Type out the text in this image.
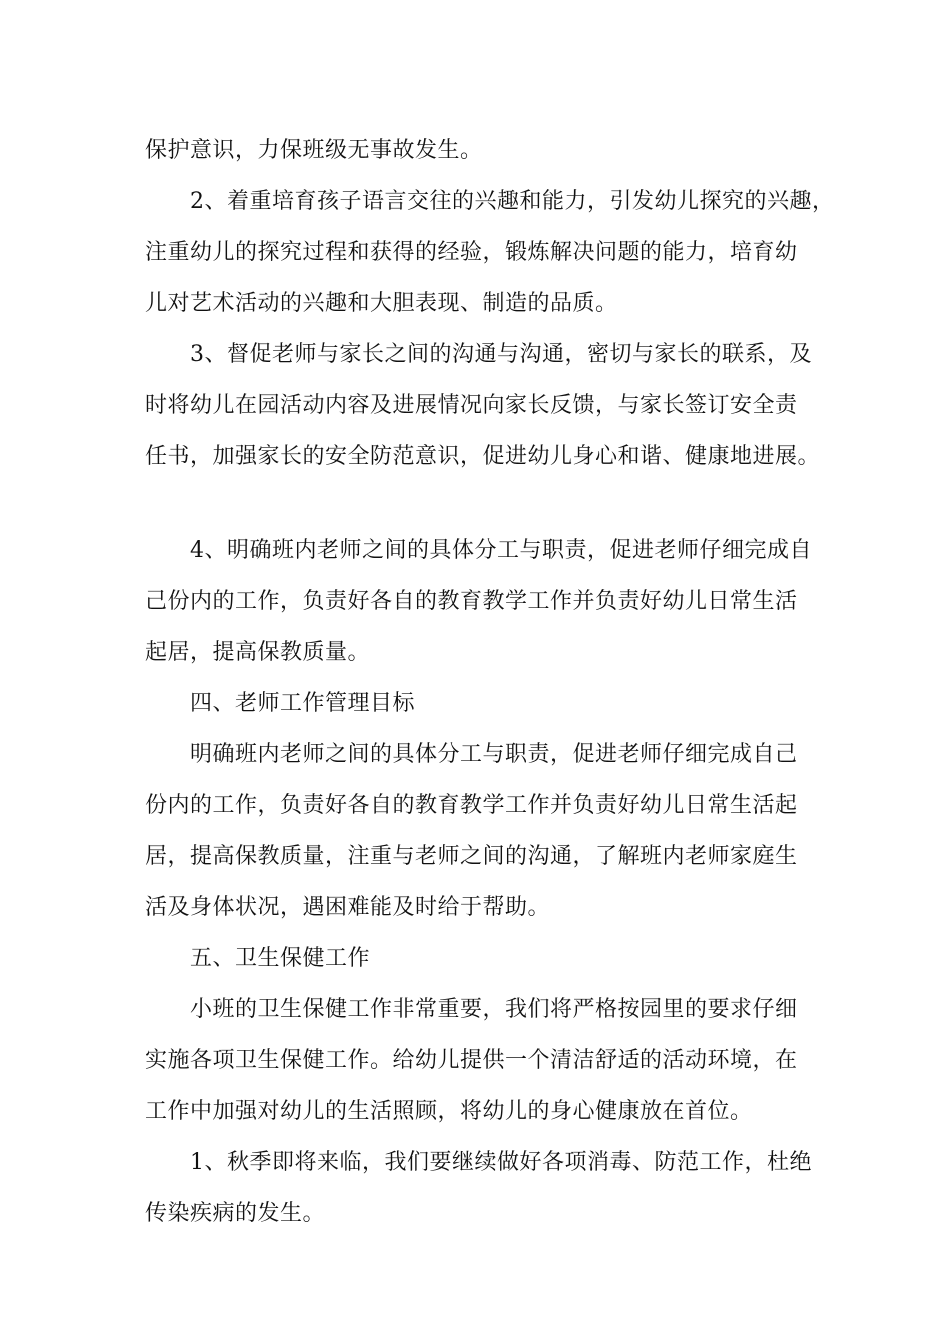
保护意识，力保班级无事故发生。
2、着重培育孩子语言交往的兴趣和能力，引发幼儿探究的兴趣，
注重幼儿的探究过程和获得的经验，锻炼解决问题的能力，培育幼
儿对艺术活动的兴趣和大胆表现、制造的品质。
3、督促老师与家长之间的沟通与沟通，密切与家长的联系，及
时将幼儿在园活动内容及进展情况向家长反馈，与家长签订安全责
任书，加强家长的安全防范意识，促进幼儿身心和谐、健康地进展。
4、明确班内老师之间的具体分工与职责，促进老师仔细完成自
己份内的工作，负责好各自的教育教学工作并负责好幼儿日常生活
起居，提高保教质量。
四、老师工作管理目标
明确班内老师之间的具体分工与职责，促进老师仔细完成自己
份内的工作，负责好各自的教育教学工作并负责好幼儿日常生活起
居，提高保教质量，注重与老师之间的沟通，了解班内老师家庭生
活及身体状况，遇困难能及时给于帮助。
五、卫生保健工作
小班的卫生保健工作非常重要，我们将严格按园里的要求仔细
实施各项卫生保健工作。给幼儿提供一个清洁舒适的活动环境，在
工作中加强对幼儿的生活照顾，将幼儿的身心健康放在首位。
1、秋季即将来临，我们要继续做好各项消毒、防范工作，杜绝
传染疾病的发生。
